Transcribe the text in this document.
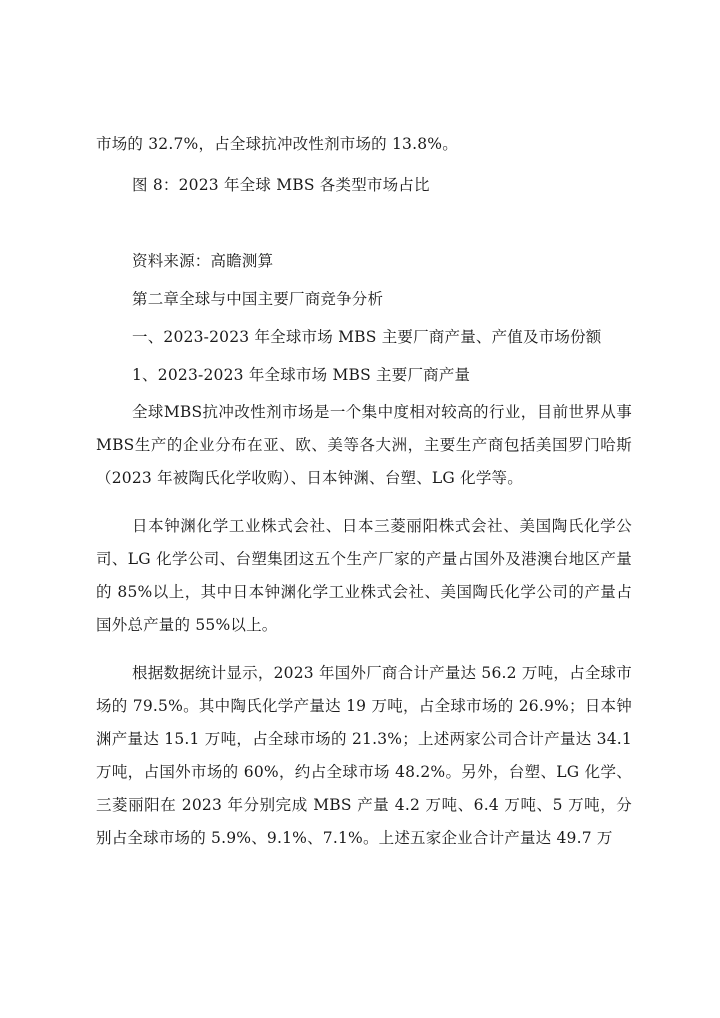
市场的 32.7%，占全球抗冲改性剂市场的 13.8%。
图 8：2023 年全球 MBS 各类型市场占比
资料来源：高瞻测算
第二章全球与中国主要厂商竞争分析
一、2023-2023 年全球市场 MBS 主要厂商产量、产值及市场份额
1、2023-2023 年全球市场 MBS 主要厂商产量

全球MBS抗冲改性剂市场是一个集中度相对较高的行业，目前世界从事MBS生产的企业分布在亚、欧、美等各大洲，主要生产商包括美国罗门哈斯（2023 年被陶氏化学收购）、日本钟渊、台塑、LG 化学等。

日本钟渊化学工业株式会社、日本三菱丽阳株式会社、美国陶氏化学公司、LG 化学公司、台塑集团这五个生产厂家的产量占国外及港澳台地区产量的 85%以上，其中日本钟渊化学工业株式会社、美国陶氏化学公司的产量占国外总产量的 55%以上。

根据数据统计显示，2023 年国外厂商合计产量达 56.2 万吨，占全球市场的 79.5%。其中陶氏化学产量达 19 万吨，占全球市场的 26.9%；日本钟渊产量达 15.1 万吨，占全球市场的 21.3%；上述两家公司合计产量达 34.1 万吨，占国外市场的 60%，约占全球市场 48.2%。另外，台塑、LG 化学、三菱丽阳在 2023 年分别完成 MBS 产量 4.2 万吨、6.4 万吨、5 万吨，分别占全球市场的 5.9%、9.1%、7.1%。上述五家企业合计产量达 49.7 万
